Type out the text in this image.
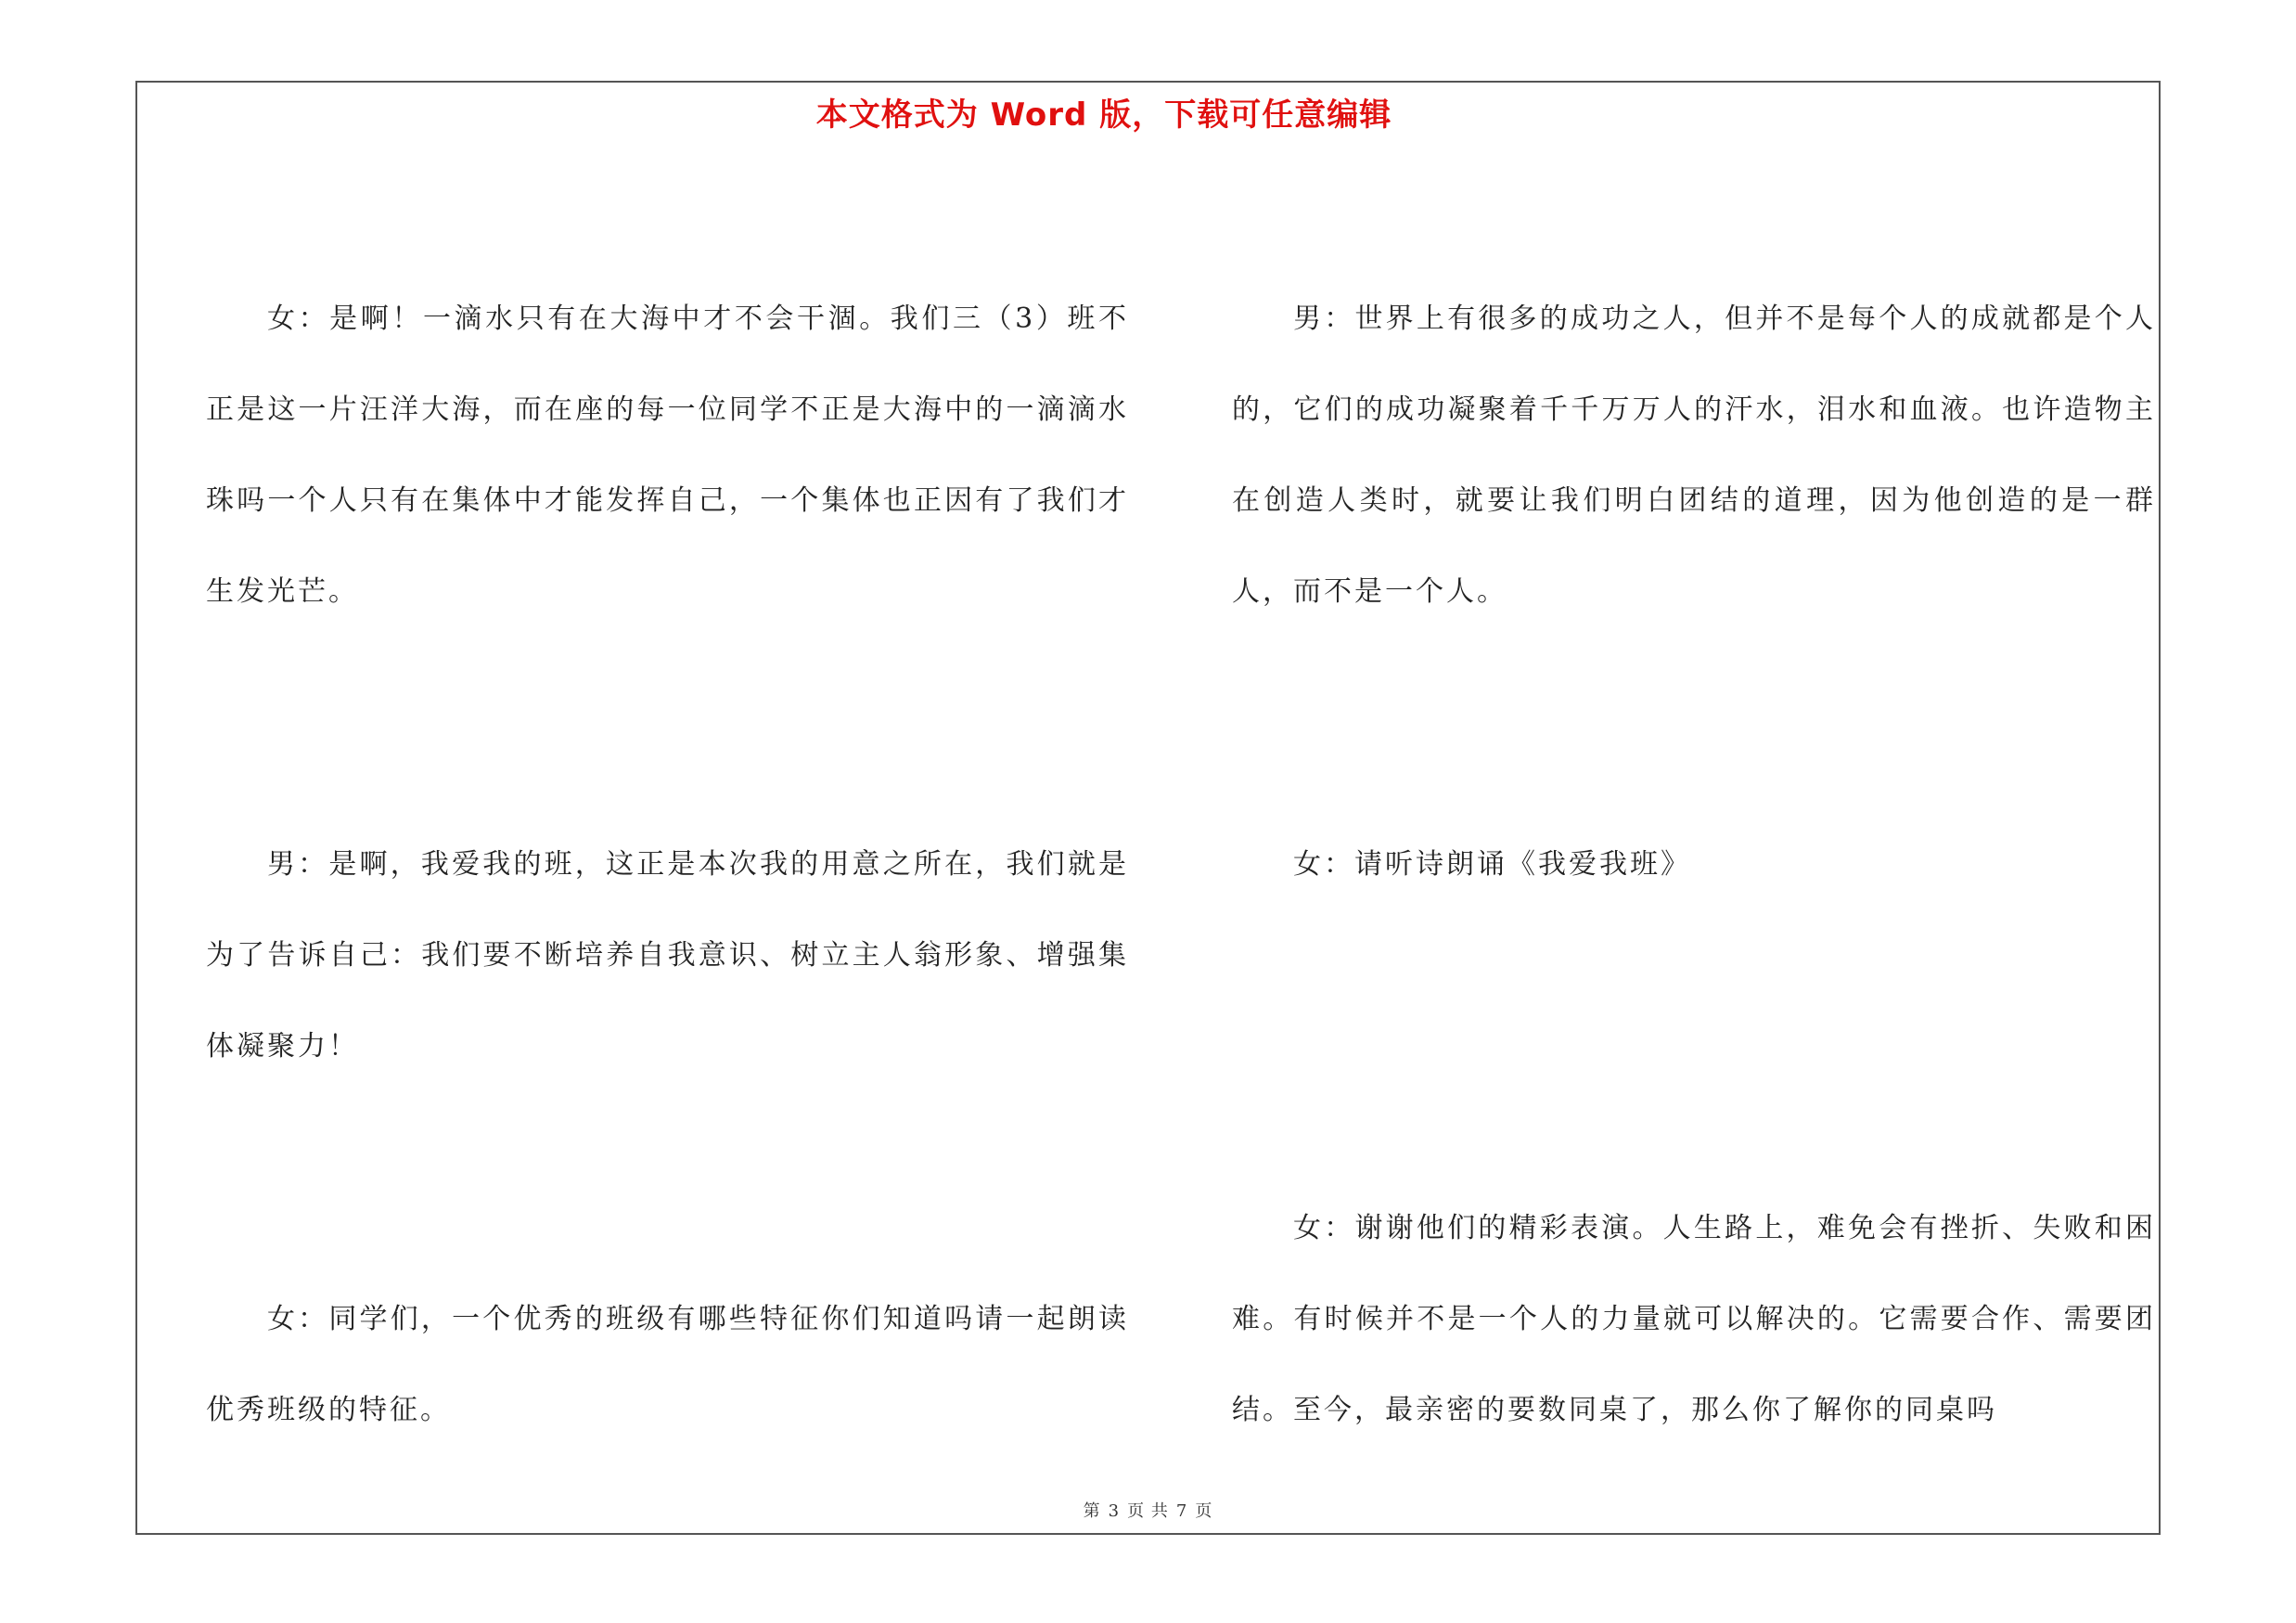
本文格式为 Word 版，下载可任意编辑

女：是啊！一滴水只有在大海中才不会干涸。我们三（3）班不正是这一片汪洋大海，而在座的每一位同学不正是大海中的一滴滴水珠吗一个人只有在集体中才能发挥自己，一个集体也正因有了我们才生发光芒。

男：是啊，我爱我的班，这正是本次我的用意之所在，我们就是为了告诉自己：我们要不断培养自我意识、树立主人翁形象、增强集体凝聚力！

女：同学们，一个优秀的班级有哪些特征你们知道吗请一起朗读优秀班级的特征。

男：世界上有很多的成功之人，但并不是每个人的成就都是个人的，它们的成功凝聚着千千万万人的汗水，泪水和血液。也许造物主在创造人类时，就要让我们明白团结的道理，因为他创造的是一群人，而不是一个人。

女：请听诗朗诵《我爱我班》

女：谢谢他们的精彩表演。人生路上，难免会有挫折、失败和困难。有时候并不是一个人的力量就可以解决的。它需要合作、需要团结。至今，最亲密的要数同桌了，那么你了解你的同桌吗

第 3 页 共 7 页
